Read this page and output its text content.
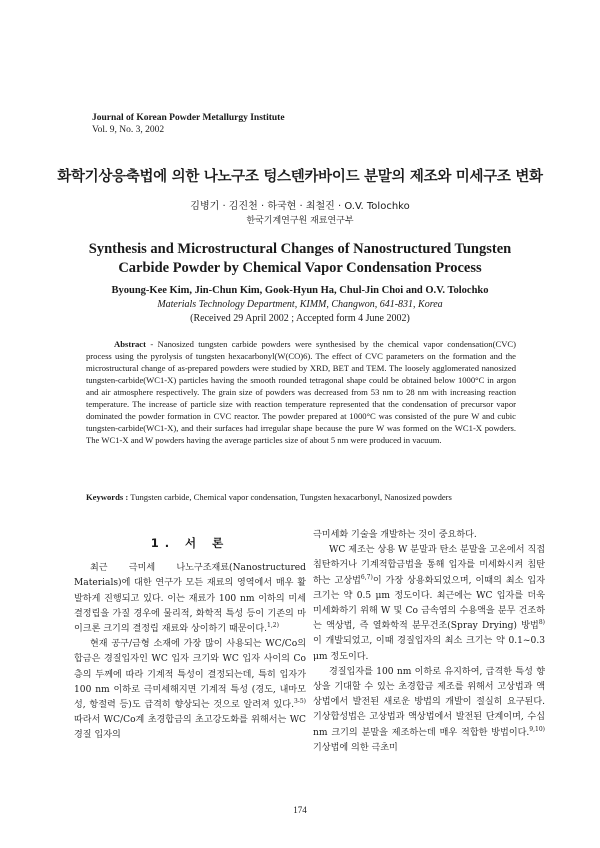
Journal of Korean Powder Metallurgy Institute
Vol. 9, No. 3, 2002
화학기상응축법에 의한 나노구조 텅스텐카바이드 분말의 제조와 미세구조 변화
김병기 · 김진천 · 하국현 · 최철진 · O.V. Tolochko
한국기계연구원 재료연구부
Synthesis and Microstructural Changes of Nanostructured Tungsten
Carbide Powder by Chemical Vapor Condensation Process
Byoung-Kee Kim, Jin-Chun Kim, Gook-Hyun Ha, Chul-Jin Choi and O.V. Tolochko
Materials Technology Department, KIMM, Changwon, 641-831, Korea
(Received 29 April 2002 ; Accepted form 4 June 2002)
Abstract - Nanosized tungsten carbide powders were synthesised by the chemical vapor condensation(CVC) process using the pyrolysis of tungsten hexacarbonyl(W(CO)6). The effect of CVC parameters on the formation and the microstructural change of as-prepared powders were studied by XRD, BET and TEM. The loosely agglomerated nanosized tungsten-carbide(WC1-X) particles having the smooth rounded tetragonal shape could be obtained below 1000°C in argon and air atmosphere respectively. The grain size of powders was decreased from 53 nm to 28 nm with increasing reaction temperature. The increase of particle size with reaction temperature represented that the condensation of precursor vapor dominated the powder formation in CVC reactor. The powder prepared at 1000°C was consisted of the pure W and cubic tungsten-carbide(WC1-X), and their surfaces had irregular shape because the pure W was formed on the WC1-X powders. The WC1-X and W powders having the average particles size of about 5 nm were produced in vacuum.
Keywords : Tungsten carbide, Chemical vapor condensation, Tungsten hexacarbonyl, Nanosized powders

1. 서 론

최근 극미세 나노구조재료(Nanostructured Materials)에 대한 연구가 모든 재료의 영역에서 매우 활발하게 진행되고 있다. 이는 재료가 100 nm 이하의 미세결정립을 가질 경우에 물리적, 화학적 특성 등이 기존의 마이크론 크기의 결정립 재료와 상이하기 때문이다.$^{1,2)}$

현재 공구/금형 소재에 가장 많이 사용되는 WC/Co의 합금은 경질입자인 WC 입자 크기와 WC 입자 사이의 Co층의 두께에 따라 기계적 특성이 결정되는데, 특히 입자가 100 nm 이하로 극미세해지면 기계적 특성 (경도, 내마모성, 항절력 등)도 급격히 향상되는 것으로 알려져 있다.$^{3-5)}$ 따라서 WC/Co계 초경합금의 초고강도화를 위해서는 WC 경질 입자의

극미세화 기술을 개발하는 것이 중요하다.

WC 제조는 상용 W 분말과 탄소 분말을 고온에서 직접 침탄하거나 기계적합금법을 통해 입자를 미세화시켜 침탄하는 고상법$^{6,7)}$이 가장 상용화되었으며, 이때의 최소 입자크기는 약 0.5 μm 정도이다. 최근에는 WC 입자를 더욱 미세화하기 위해 W 및 Co 금속염의 수용액을 분무 건조하는 액상법, 즉 열화학적 분무건조(Spray Drying) 방법$^{8)}$이 개발되었고, 이때 경질입자의 최소 크기는 약 0.1~0.3 μm 정도이다.

경질입자를 100 nm 이하로 유지하여, 급격한 특성 향상을 기대할 수 있는 초경합금 제조를 위해서 고상법과 액상법에서 발전된 새로운 방법의 개발이 절실히 요구된다. 기상합성법은 고상법과 액상법에서 발전된 단계이며, 수십 nm 크기의 분말을 제조하는데 매우 적합한 방법이다.$^{9,10)}$ 기상법에 의한 극초미

174
